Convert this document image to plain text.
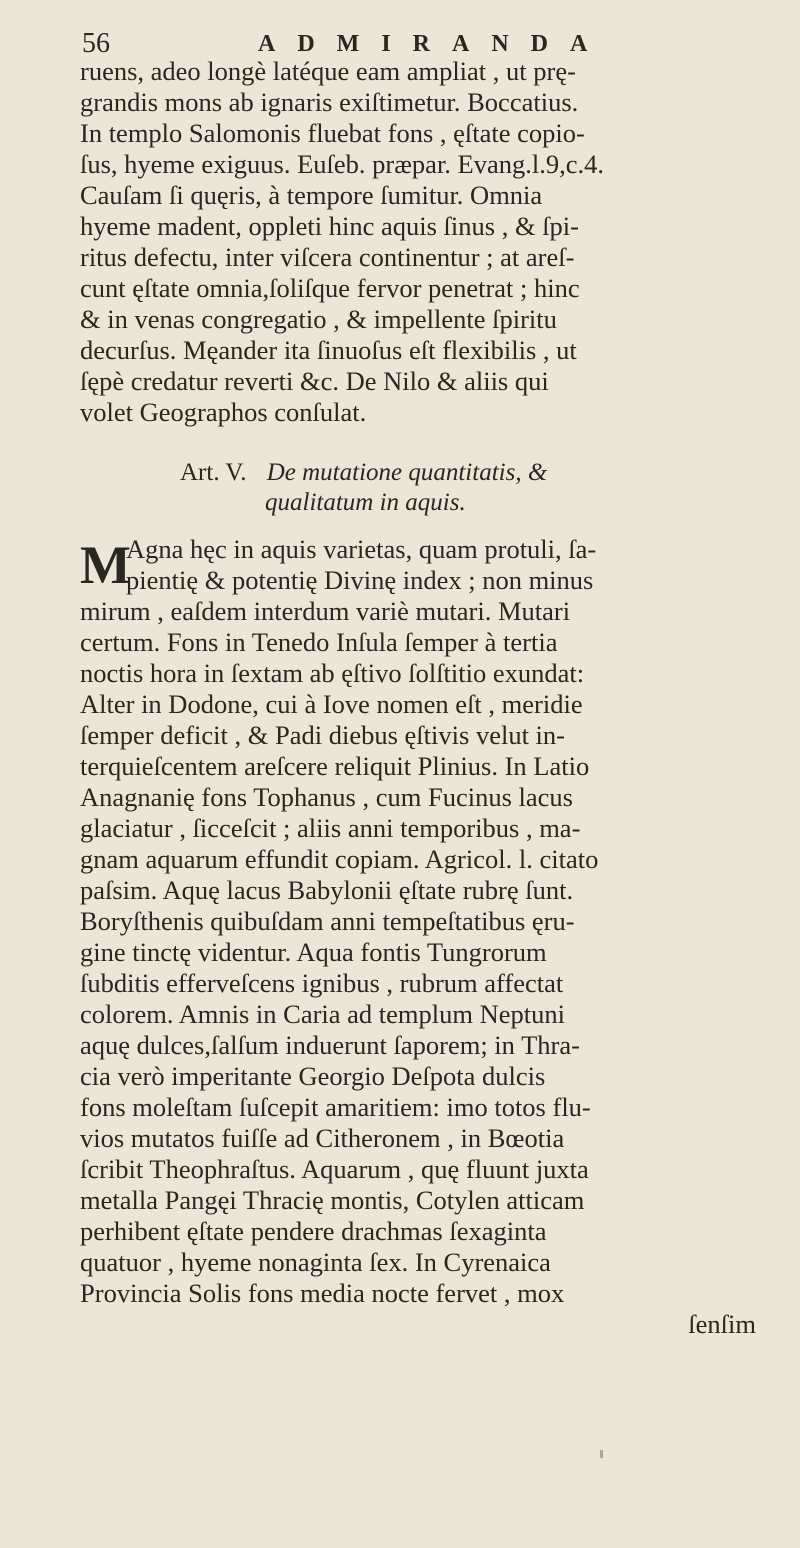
56	ADMIRANDA
ruens, adeo longè latéque eam ampliat , ut prę-
grandis mons ab ignaris exiſtimetur. Boccatius.
In templo Salomonis fluebat fons , ęſtate copio-
ſus, hyeme exiguus. Euſeb. præpar. Evang.l.9,c.4.
Cauſam ſi quęris, à tempore ſumitur. Omnia
hyeme madent, oppleti hinc aquis ſinus , & ſpi-
ritus defectu, inter viſcera continentur ; at areſ-
cunt ęſtate omnia,ſoliſque fervor penetrat ; hinc
& in venas congregatio , & impellente ſpiritu
decurſus. Męander ita ſinuoſus eſt flexibilis , ut
ſępè credatur reverti &c. De Nilo & aliis qui
volet Geographos conſulat.
Art. V. De mutatione quantitatis, &
qualitatum in aquis.
M
Agna hęc in aquis varietas, quam protuli, ſa-
pientię & potentię Divinę index ; non minus
mirum , eaſdem interdum variè mutari. Mutari
certum. Fons in Tenedo Inſula ſemper à tertia
noctis hora in ſextam ab ęſtivo ſolſtitio exundat:
Alter in Dodone, cui à Iove nomen eſt , meridie
ſemper deficit , & Padi diebus ęſtivis velut in-
terquieſcentem areſcere reliquit Plinius. In Latio
Anagnanię fons Tophanus , cum Fucinus lacus
glaciatur , ſicceſcit ; aliis anni temporibus , ma-
gnam aquarum effundit copiam. Agricol. l. citato
paſsim. Aquę lacus Babylonii ęſtate rubrę ſunt.
Boryſthenis quibuſdam anni tempeſtatibus ęru-
gine tinctę videntur. Aqua fontis Tungrorum
ſubditis efferveſcens ignibus , rubrum affectat
colorem. Amnis in Caria ad templum Neptuni
aquę dulces,ſalſum induerunt ſaporem; in Thra-
cia verò imperitante Georgio Deſpota dulcis
fons moleſtam ſuſcepit amaritiem: imo totos flu-
vios mutatos fuiſſe ad Citheronem , in Bœotia
ſcribit Theophraſtus. Aquarum , quę fluunt juxta
metalla Pangęi Thracię montis, Cotylen atticam
perhibent ęſtate pendere drachmas ſexaginta
quatuor , hyeme nonaginta ſex. In Cyrenaica
Provincia Solis fons media nocte fervet , mox
ſenſim
